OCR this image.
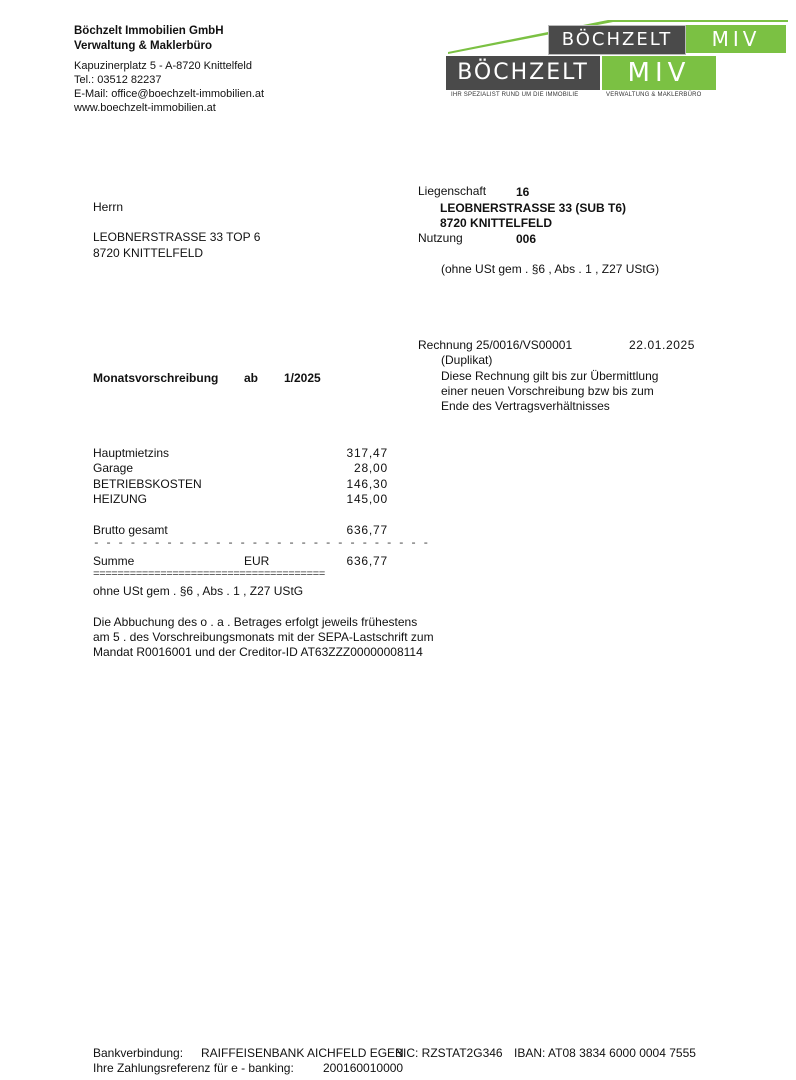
Böchzelt Immobilien GmbH
Verwaltung & Maklerbüro
Kapuzinerplatz 5 - A-8720 Knittelfeld
Tel.: 03512 82237
E-Mail: office@boechzelt-immobilien.at
www.boechzelt-immobilien.at
BÖCHZELT	MIV
BÖCHZELT	MIV
IHR SPEZIALIST RUND UM DIE IMMOBILIE	VERWALTUNG & MAKLERBÜRO
Herrn
LEOBNERSTRASSE 33 TOP 6
8720 KNITTELFELD
Liegenschaft 16
LEOBNERSTRASSE 33 (SUB T6)
8720 KNITTELFELD
Nutzung	006
(ohne USt gem . §6 , Abs . 1 , Z27 UStG)
Rechnung 25/0016/VS00001	22.01.2025
(Duplikat)
Diese Rechnung gilt bis zur Übermittlung
einer neuen Vorschreibung bzw bis zum
Ende des Vertragsverhältnisses
Monatsvorschreibung ab 1/2025
Hauptmietzins	317,47
Garage	28,00
BETRIEBSKOSTEN	146,30
HEIZUNG	145,00
Brutto gesamt	636,77
- - - - - - - - - - - - - - - - - - - - - - - - - - - -
Summe	EUR	636,77
======================================
ohne USt gem . §6 , Abs . 1 , Z27 UStG
Die Abbuchung des o . a . Betrages erfolgt jeweils frühestens
am 5 . des Vorschreibungsmonats mit der SEPA-Lastschrift zum
Mandat R0016001 und der Creditor-ID AT63ZZZ00000008114
Bankverbindung: RAIFFEISENBANK AICHFELD EGEN
BIC: RZSTAT2G346 IBAN: AT08 3834 6000 0004 7555
Ihre Zahlungsreferenz für e - banking: 200160010000
